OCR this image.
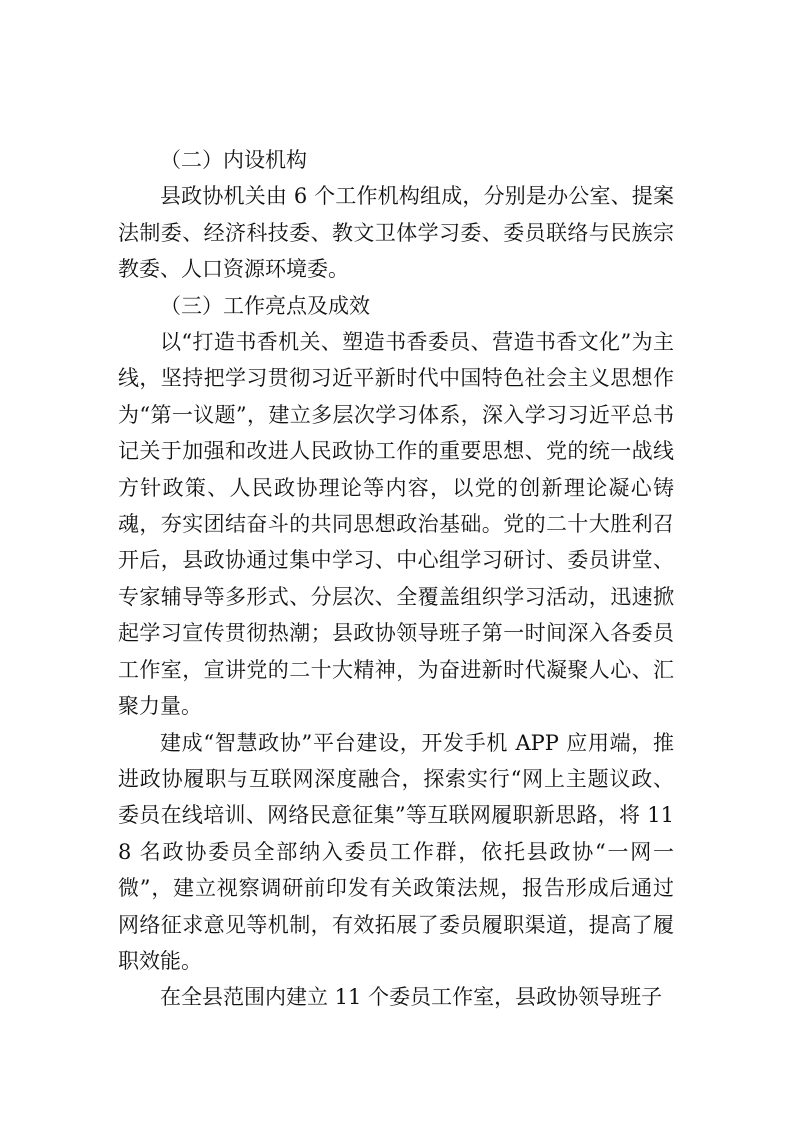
（二）内设机构

县政协机关由 6 个工作机构组成，分别是办公室、提案法制委、经济科技委、教文卫体学习委、委员联络与民族宗教委、人口资源环境委。

（三）工作亮点及成效

以“打造书香机关、塑造书香委员、营造书香文化”为主线，坚持把学习贯彻习近平新时代中国特色社会主义思想作为“第一议题”，建立多层次学习体系，深入学习习近平总书记关于加强和改进人民政协工作的重要思想、党的统一战线方针政策、人民政协理论等内容，以党的创新理论凝心铸魂，夯实团结奋斗的共同思想政治基础。党的二十大胜利召开后，县政协通过集中学习、中心组学习研讨、委员讲堂、专家辅导等多形式、分层次、全覆盖组织学习活动，迅速掀起学习宣传贯彻热潮；县政协领导班子第一时间深入各委员工作室，宣讲党的二十大精神，为奋进新时代凝聚人心、汇聚力量。

建成“智慧政协”平台建设，开发手机 APP 应用端，推进政协履职与互联网深度融合，探索实行“网上主题议政、委员在线培训、网络民意征集”等互联网履职新思路，将 118 名政协委员全部纳入委员工作群，依托县政协“一网一微”，建立视察调研前印发有关政策法规，报告形成后通过网络征求意见等机制，有效拓展了委员履职渠道，提高了履职效能。

在全县范围内建立 11 个委员工作室，县政协领导班子
